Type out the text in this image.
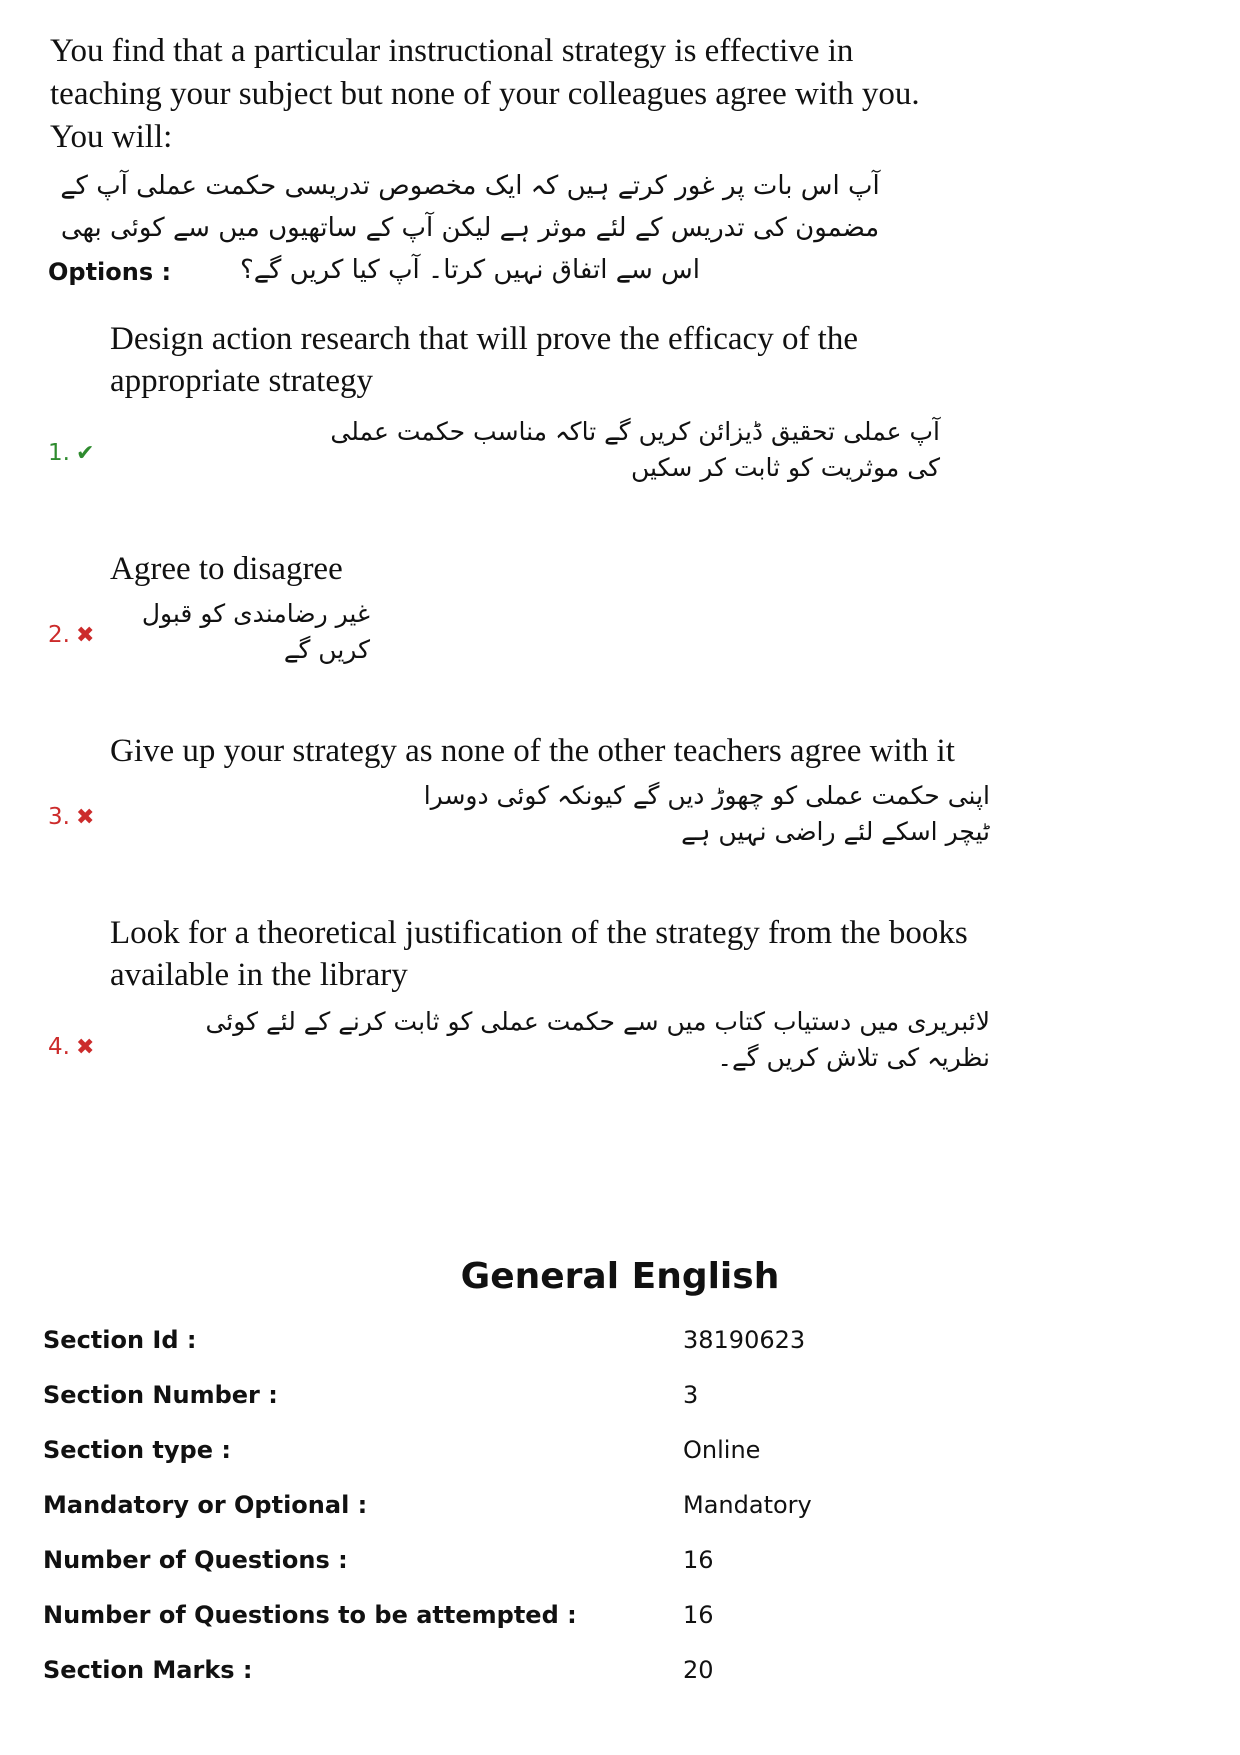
You find that a particular instructional strategy is effective in teaching your subject but none of your colleagues agree with you. You will:

آپ اس بات پر غور کرتے ہیں کہ ایک مخصوص تدریسی حکمت عملی آپ کے مضمون کی تدریس کے لئے موثر ہے لیکن آپ کے ساتھیوں میں سے کوئی بھی اس سے اتفاق نہیں کرتا۔ آپ کیا کریں گے؟

Options :

Design action research that will prove the efficacy of the appropriate strategy

آپ عملی تحقیق ڈیزائن کریں گے تاکہ مناسب حکمت عملی کی موثریت کو ثابت کر سکیں
1. ✔

Agree to disagree

غیر رضامندی کو قبول کریں گے
2. ✖

Give up your strategy as none of the other teachers agree with it

اپنی حکمت عملی کو چھوڑ دیں گے کیونکہ کوئی دوسرا ٹیچر اسکے لئے راضی نہیں ہے
3. ✖

Look for a theoretical justification of the strategy from the books available in the library

لائبریری میں دستیاب کتاب میں سے حکمت عملی کو ثابت کرنے کے لئے کوئی نظریہ کی تلاش کریں گے۔
4. ✖
General English
Section Id :	38190623
Section Number :	3
Section type :	Online
Mandatory or Optional :	Mandatory
Number of Questions :	16
Number of Questions to be attempted :	16
Section Marks :	20
